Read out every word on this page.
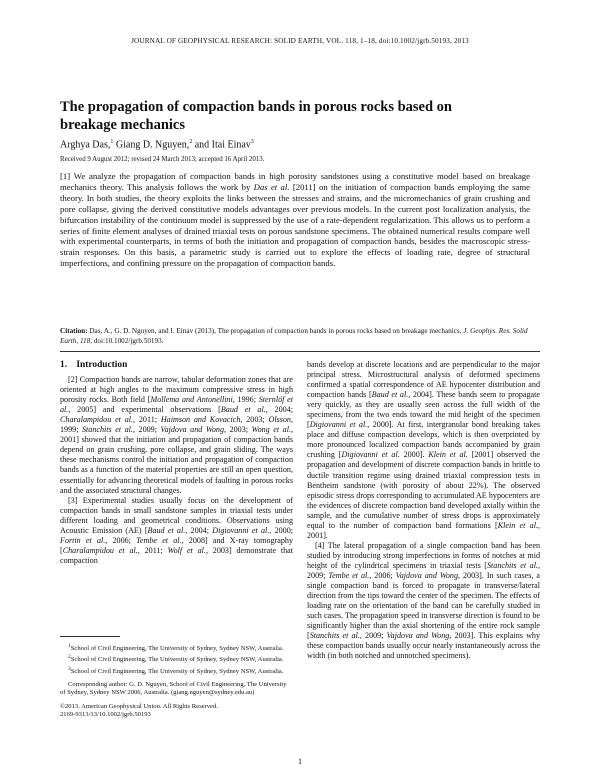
JOURNAL OF GEOPHYSICAL RESEARCH: SOLID EARTH, VOL. 118, 1–18, doi:10.1002/jgrb.50193, 2013
The propagation of compaction bands in porous rocks based on breakage mechanics
Arghya Das,$^1$ Giang D. Nguyen,$^2$ and Itai Einav$^3$
Received 9 August 2012; revised 24 March 2013; accepted 16 April 2013.
[1] We analyze the propagation of compaction bands in high porosity sandstones using a constitutive model based on breakage mechanics theory. This analysis follows the work by Das et al. [2011] on the initiation of compaction bands employing the same theory. In both studies, the theory exploits the links between the stresses and strains, and the micromechanics of grain crushing and pore collapse, giving the derived constitutive models advantages over previous models. In the current post localization analysis, the bifurcation instability of the continuum model is suppressed by the use of a rate-dependent regularization. This allows us to perform a series of finite element analyses of drained triaxial tests on porous sandstone specimens. The obtained numerical results compare well with experimental counterparts, in terms of both the initiation and propagation of compaction bands, besides the macroscopic stress-strain responses. On this basis, a parametric study is carried out to explore the effects of loading rate, degree of structural imperfections, and confining pressure on the propagation of compaction bands.
Citation: Das, A., G. D. Nguyen, and I. Einav (2013), The propagation of compaction bands in porous rocks based on breakage mechanics, J. Geophys. Res. Solid Earth, 118, doi:10.1002/jgrb.50193.

1. Introduction

[2] Compaction bands are narrow, tabular deformation zones that are oriented at high angles to the maximum compressive stress in high porosity rocks. Both field [Mollema and Antonellini, 1996; Sternlöf et al., 2005] and experimental observations [Baud et al., 2004; Charalampidou et al., 2011; Haimson and Kovacich, 2003; Olsson, 1999; Stanchits et al., 2009; Vajdova and Wong, 2003; Wong et al., 2001] showed that the initiation and propagation of compaction bands depend on grain crushing, pore collapse, and grain sliding. The ways these mechanisms control the initiation and propagation of compaction bands as a function of the material properties are still an open question, essentially for advancing theoretical models of faulting in porous rocks and the associated structural changes.

[3] Experimental studies usually focus on the development of compaction bands in small sandstone samples in triaxial tests under different loading and geometrical conditions. Observations using Acoustic Emission (AE) [Baud et al., 2004; Digiovanni et al., 2000; Fortin et al., 2006; Tembe et al., 2008] and X-ray tomography [Charalampidou et al., 2011; Wolf et al., 2003] demonstrate that compaction

$^1$School of Civil Engineering, The University of Sydney, Sydney NSW, Australia.
$^2$School of Civil Engineering, The University of Sydney, Sydney NSW, Australia.
$^3$School of Civil Engineering, The University of Sydney, Sydney NSW, Australia.
Corresponding author: G. D. Nguyen, School of Civil Engineering, The University of Sydney, Sydney NSW 2006, Australia. (giang.nguyen@sydney.edu.au)
©2013. American Geophysical Union. All Rights Reserved.
2169-9313/13/10.1002/jgrb.50193

bands develop at discrete locations and are perpendicular to the major principal stress. Microstructural analysis of deformed specimens confirmed a spatial correspondence of AE hypocenter distribution and compaction bands [Baud et al., 2004]. These bands seem to propagate very quickly, as they are usually seen across the full width of the specimens, from the two ends toward the mid height of the specimen [Digiovanni et al., 2000]. At first, intergranular bond breaking takes place and diffuse compaction develops, which is then overprinted by more pronounced localized compaction bands accompanied by grain crushing [Digiovanni et al. 2000]. Klein et al. [2001] observed the propagation and development of discrete compaction bands in brittle to ductile transition regime using drained triaxial compression tests in Bentheim sandstone (with porosity of about 22%). The observed episodic stress drops corresponding to accumulated AE hypocenters are the evidences of discrete compaction band developed axially within the sample, and the cumulative number of stress drops is approximately equal to the number of compaction band formations [Klein et al., 2001].

[4] The lateral propagation of a single compaction band has been studied by introducing strong imperfections in forms of notches at mid height of the cylindrical specimens in triaxial tests [Stanchits et al., 2009; Tembe et al., 2006; Vajdova and Wong, 2003]. In such cases, a single compaction band is forced to propagate in transverse/lateral direction from the tips toward the center of the specimen. The effects of loading rate on the orientation of the band can be carefully studied in such cases. The propagation speed in transverse direction is found to be significantly higher than the axial shortening of the entire rock sample [Stanchits et al., 2009; Vajdova and Wong, 2003]. This explains why these compaction bands usually occur nearly instantaneously across the width (in both notched and unnotched specimens).

1
